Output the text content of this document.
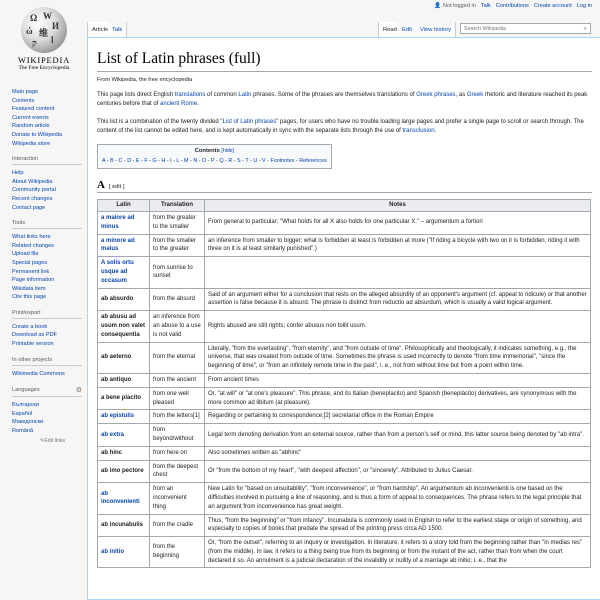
Ω W
И
ώ 维
ا
ק
WIKIPEDIA
The Free Encyclopedia
Main page
Contents
Featured content
Current events
Random article
Donate to Wikipedia
Wikipedia store
Interaction
Help
About Wikipedia
Community portal
Recent changes
Contact page
Tools
What links here
Related changes
Upload file
Special pages
Permanent link
Page information
Wikidata item
Cite this page
Print/export
Create a book
Download as PDF
Printable version
In other projects
Wikimedia Commons
Languages	⚙
Български
Español
Македонски
Română
✎Edit links
👤 Not logged in Talk Contributions Create account Log in
Article Talk	Read Edit	View history	Search Wikipedia	⌕
List of Latin phrases (full)
From Wikipedia, the free encyclopedia

This page lists direct English translations of common Latin phrases. Some of the phrases are themselves translations of Greek phrases, as Greek rhetoric and literature reached its peak centuries before that of ancient Rome.

This list is a combination of the twenty divided "List of Latin phrases" pages, for users who have no trouble loading large pages and prefer a single page to scroll or search through. The content of the list cannot be edited here, and is kept automatically in sync with the separate lists through the use of transclusion.

Contents [hide]
A - B - C - D - E - F - G - H - I - L - M - N - O - P - Q - R - S - T - U - V - Footnotes - References
A [ edit ]
Latin	Translation	Notes
a maiore ad minus	from the greater to the smaller	From general to particular; "What holds for all X also holds for one particular X." – argumentum a fortiori
a minore ad maius	from the smaller to the greater	an inference from smaller to bigger; what is forbidden at least is forbidden at more ("If riding a bicycle with two on it is forbidden, riding it with three on it is at least similarly punished".)
A solis ortu usque ad occasum	from sunrise to sunset	
ab absurdo	from the absurd	Said of an argument either for a conclusion that rests on the alleged absurdity of an opponent's argument (cf. appeal to ridicule) or that another assertion is false because it is absurd. The phrase is distinct from reductio ad absurdum, which is usually a valid logical argument.
ab abusu ad usum non valet consequentia	an inference from an abuse to a use is not valid	Rights abused are still rights; confer abusus non tollit usum.
ab aeterno	from the eternal	Literally, "from the everlasting", "from eternity", and "from outside of time". Philosophically and theologically, it indicates something, e.g., the universe, that was created from outside of time. Sometimes the phrase is used incorrectly to denote "from time immemorial", "since the beginning of time", or "from an infinitely remote time in the past", i. e., not from without time but from a point within time.
ab antiquo	from the ancient	From ancient times
a bene placito	from one well pleased	Or, "at will" or "at one's pleasure". This phrase, and its Italian (beneplacito) and Spanish (beneplácito) derivatives, are synonymous with the more common ad libitum (at pleasure).
ab epistulis	from the letters[1]	Regarding or pertaining to correspondence;[2] secretarial office in the Roman Empire
ab extra	from beyond/without	Legal term denoting derivation from an external source, rather than from a person's self or mind, this latter source being denoted by "ab intra".
ab hinc	from here on	Also sometimes written as "abhinc"
ab imo pectore	from the deepest chest	Or "from the bottom of my heart", "with deepest affection", or "sincerely". Attributed to Julius Caesar.
ab inconvenienti	from an inconvenient thing	New Latin for "based on unsuitability", "from inconvenience", or "from hardship". An argumentum ab inconvenienti is one based on the difficulties involved in pursuing a line of reasoning, and is thus a form of appeal to consequences. The phrase refers to the legal principle that an argument from inconvenience has great weight.
ab incunabulis	from the cradle	Thus, "from the beginning" or "from infancy". Incunabula is commonly used in English to refer to the earliest stage or origin of something, and especially to copies of books that predate the spread of the printing press circa AD 1500.
ab initio	from the beginning	Or, "from the outset", referring to an inquiry or investigation. In literature, it refers to a story told from the beginning rather than "in medias res" (from the middle). In law, it refers to a thing being true from its beginning or from the instant of the act, rather than from when the court declared it so. An annulment is a judicial declaration of the invalidity or nullity of a marriage ab initio; i. e., that the
